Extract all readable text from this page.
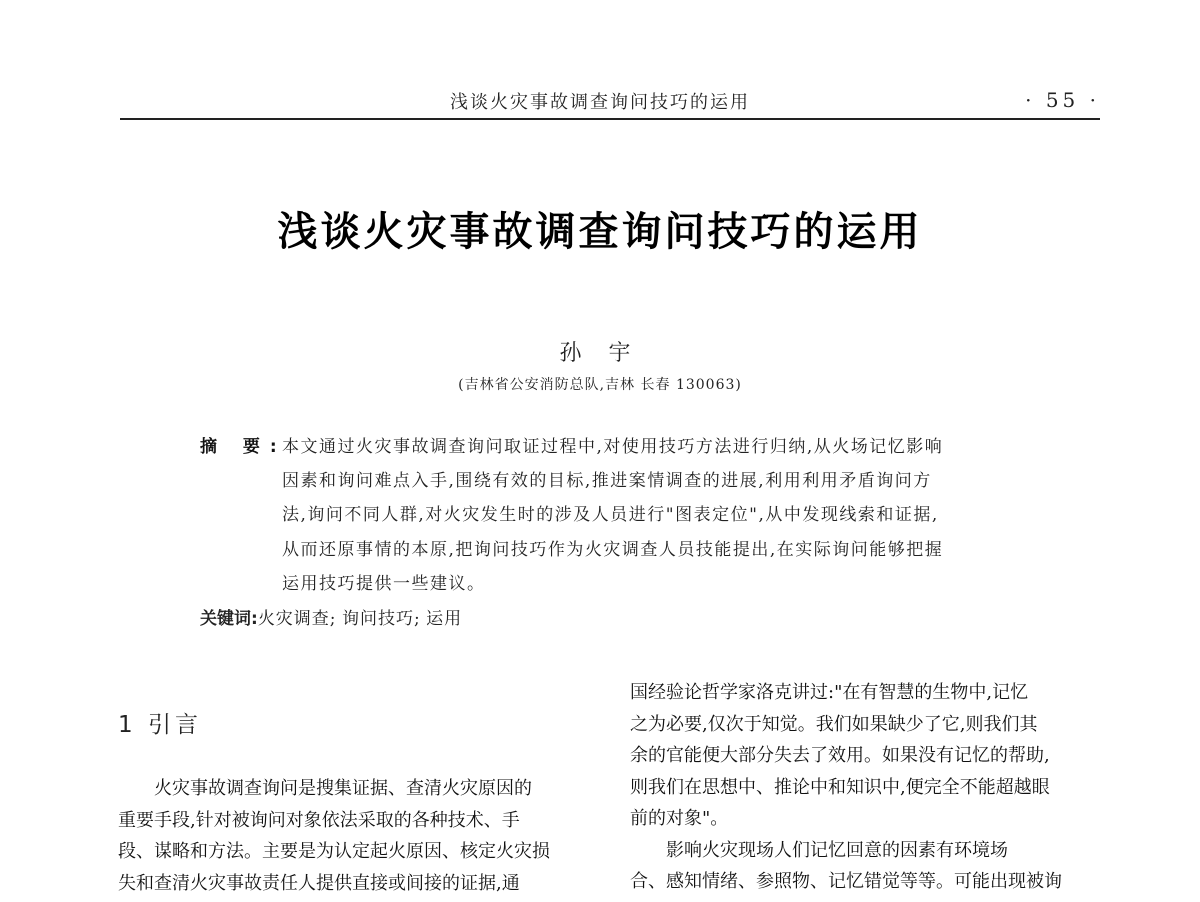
浅谈火灾事故调查询问技巧的运用	· 55 ·
浅谈火灾事故调查询问技巧的运用
孙 宇
(吉林省公安消防总队,吉林 长春 130063)
摘 要:
本文通过火灾事故调查询问取证过程中,对使用技巧方法进行归纳,从火场记忆影响
因素和询问难点入手,围绕有效的目标,推进案情调查的进展,利用利用矛盾询问方
法,询问不同人群,对火灾发生时的涉及人员进行"图表定位",从中发现线索和证据,
从而还原事情的本原,把询问技巧作为火灾调查人员技能提出,在实际询问能够把握
运用技巧提供一些建议。
关键词:火灾调查; 询问技巧; 运用
1 引言
火灾事故调查询问是搜集证据、查清火灾原因的
重要手段,针对被询问对象依法采取的各种技术、手
段、谋略和方法。主要是为认定起火原因、核定火灾损
失和查清火灾事故责任人提供直接或间接的证据,通
国经验论哲学家洛克讲过:"在有智慧的生物中,记忆
之为必要,仅次于知觉。我们如果缺少了它,则我们其
余的官能便大部分失去了效用。如果没有记忆的帮助,
则我们在思想中、推论中和知识中,便完全不能超越眼
前的对象"。
影响火灾现场人们记忆回意的因素有环境场
合、感知情绪、参照物、记忆错觉等等。可能出现被询
